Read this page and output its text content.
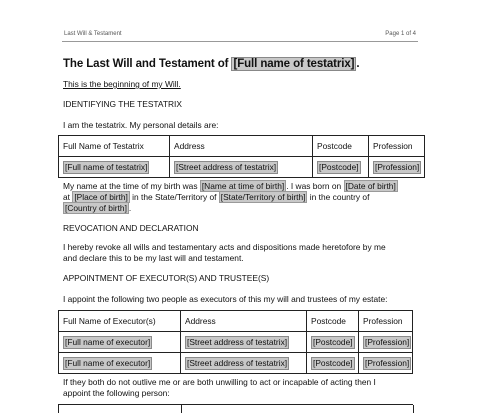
Last Will & Testament	Page 1 of 4
The Last Will and Testament of [Full name of testatrix] .
This is the beginning of my Will.
IDENTIFYING THE TESTATRIX
I am the testatrix. My personal details are:
Full Name of Testatrix	Address	Postcode	Profession
[Full name of testatrix]	[Street address of testatrix]	[Postcode]	[Profession]
My name at the time of my birth was [Name at time of birth] . I was born on [Date of birth]
at [Place of birth] in the State/Territory of [State/Territory of birth] in the country of
[Country of birth] .
REVOCATION AND DECLARATION
I hereby revoke all wills and testamentary acts and dispositions made heretofore by me
and declare this to be my last will and testament.
APPOINTMENT OF EXECUTOR(S) AND TRUSTEE(S)
I appoint the following two people as executors of this my will and trustees of my estate:
Full Name of Executor(s)	Address	Postcode	Profession
[Full name of executor]	[Street address of testatrix]	[Postcode]	[Profession]
[Full name of executor]	[Street address of testatrix]	[Postcode]	[Profession]
If they both do not outlive me or are both unwilling to act or incapable of acting then I
appoint the following person:
